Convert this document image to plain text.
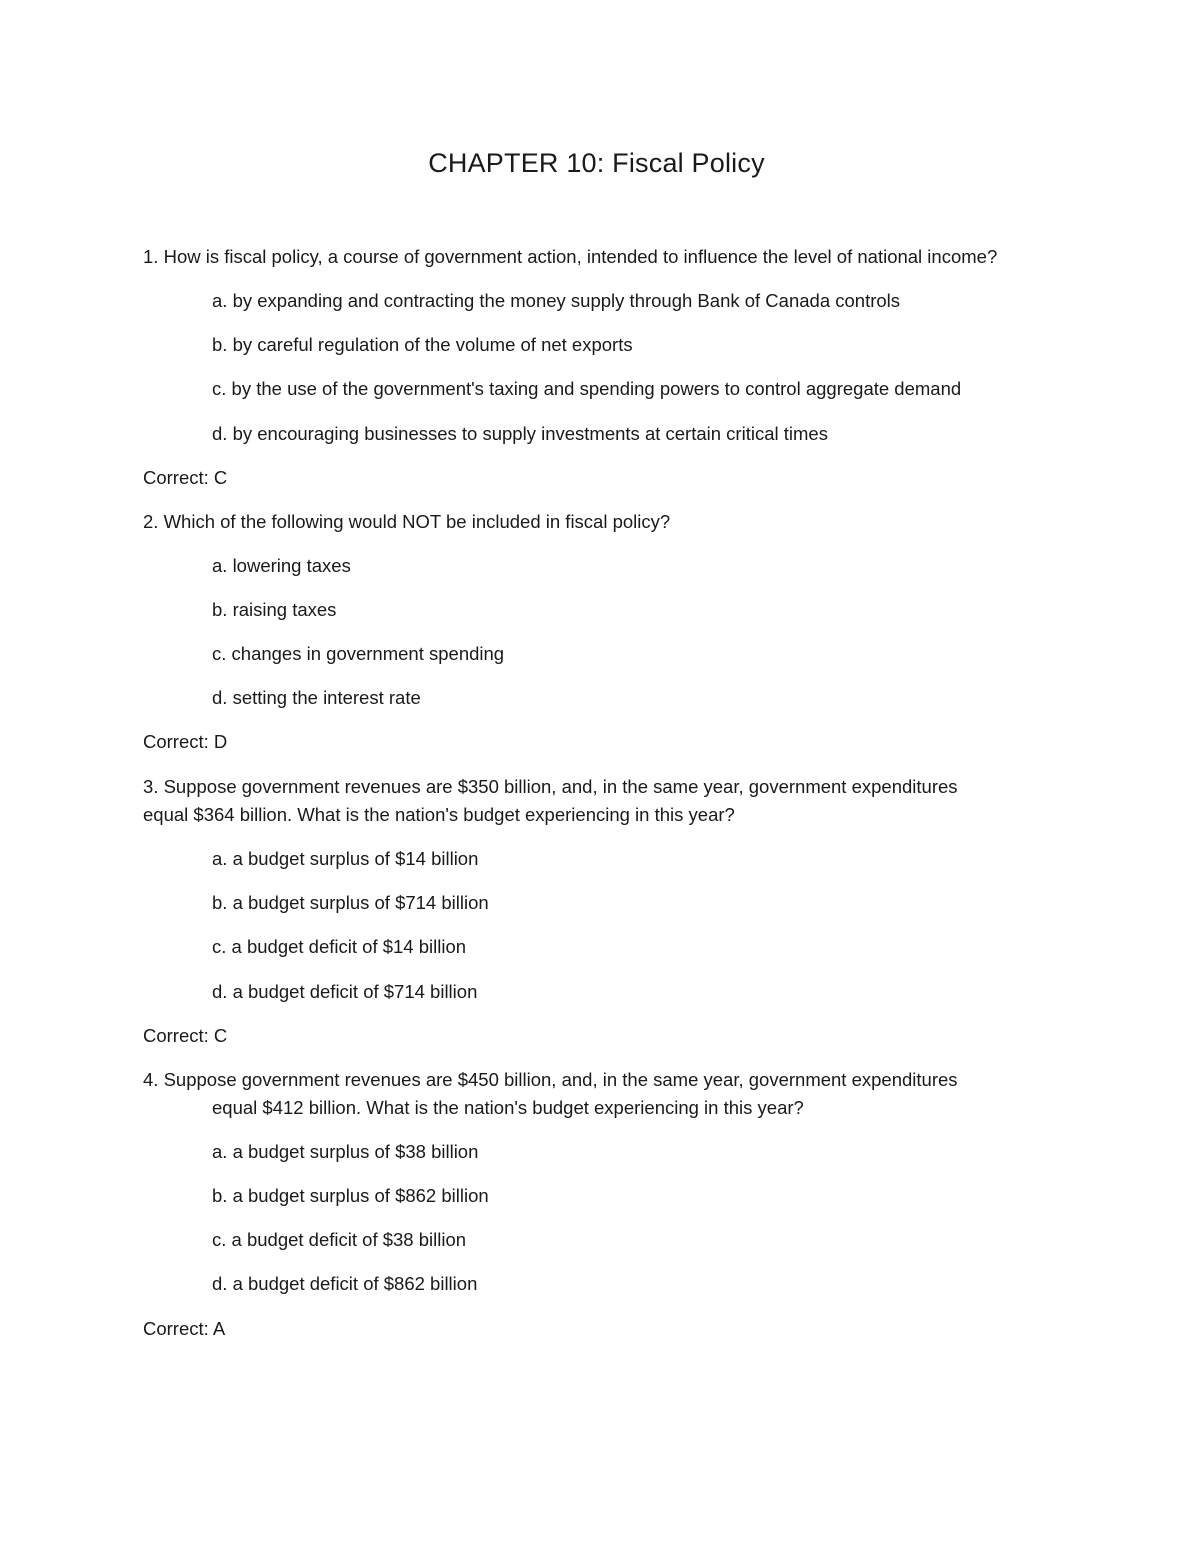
CHAPTER 10: Fiscal Policy
1. How is fiscal policy, a course of government action, intended to influence the level of national income?
a. by expanding and contracting the money supply through Bank of Canada controls
b. by careful regulation of the volume of net exports
c. by the use of the government's taxing and spending powers to control aggregate demand
d. by encouraging businesses to supply investments at certain critical times
Correct: C
2. Which of the following would NOT be included in fiscal policy?
a. lowering taxes
b. raising taxes
c. changes in government spending
d. setting the interest rate
Correct: D
3. Suppose government revenues are $350 billion, and, in the same year, government expenditures
equal $364 billion. What is the nation's budget experiencing in this year?
a. a budget surplus of $14 billion
b. a budget surplus of $714 billion
c. a budget deficit of $14 billion
d. a budget deficit of $714 billion
Correct: C
4. Suppose government revenues are $450 billion, and, in the same year, government expenditures
equal $412 billion. What is the nation's budget experiencing in this year?
a. a budget surplus of $38 billion
b. a budget surplus of $862 billion
c. a budget deficit of $38 billion
d. a budget deficit of $862 billion
Correct: A
